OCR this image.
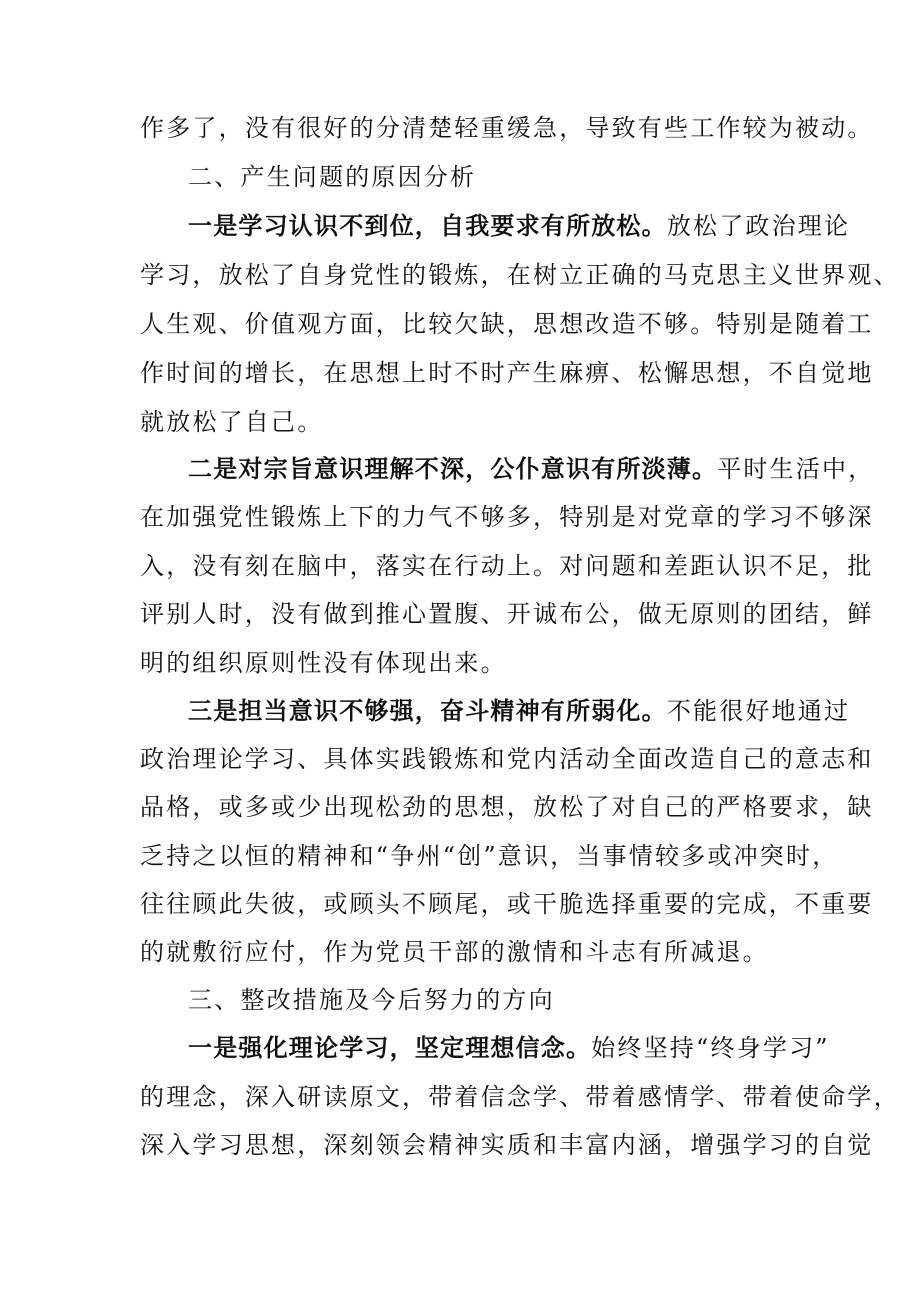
作多了，没有很好的分清楚轻重缓急，导致有些工作较为被动。
二、产生问题的原因分析
一是学习认识不到位，自我要求有所放松。放松了政治理论
学习，放松了自身党性的锻炼，在树立正确的马克思主义世界观、
人生观、价值观方面，比较欠缺，思想改造不够。特别是随着工
作时间的增长，在思想上时不时产生麻痹、松懈思想，不自觉地
就放松了自己。
二是对宗旨意识理解不深，公仆意识有所淡薄。平时生活中，
在加强党性锻炼上下的力气不够多，特别是对党章的学习不够深
入，没有刻在脑中，落实在行动上。对问题和差距认识不足，批
评别人时，没有做到推心置腹、开诚布公，做无原则的团结，鲜
明的组织原则性没有体现出来。
三是担当意识不够强，奋斗精神有所弱化。不能很好地通过
政治理论学习、具体实践锻炼和党内活动全面改造自己的意志和
品格，或多或少出现松劲的思想，放松了对自己的严格要求，缺
乏持之以恒的精神和“争州“创”意识，当事情较多或冲突时，
往往顾此失彼，或顾头不顾尾，或干脆选择重要的完成，不重要
的就敷衍应付，作为党员干部的激情和斗志有所减退。
三、整改措施及今后努力的方向
一是强化理论学习，坚定理想信念。始终坚持“终身学习”
的理念，深入研读原文，带着信念学、带着感情学、带着使命学，
深入学习思想，深刻领会精神实质和丰富内涵，增强学习的自觉
